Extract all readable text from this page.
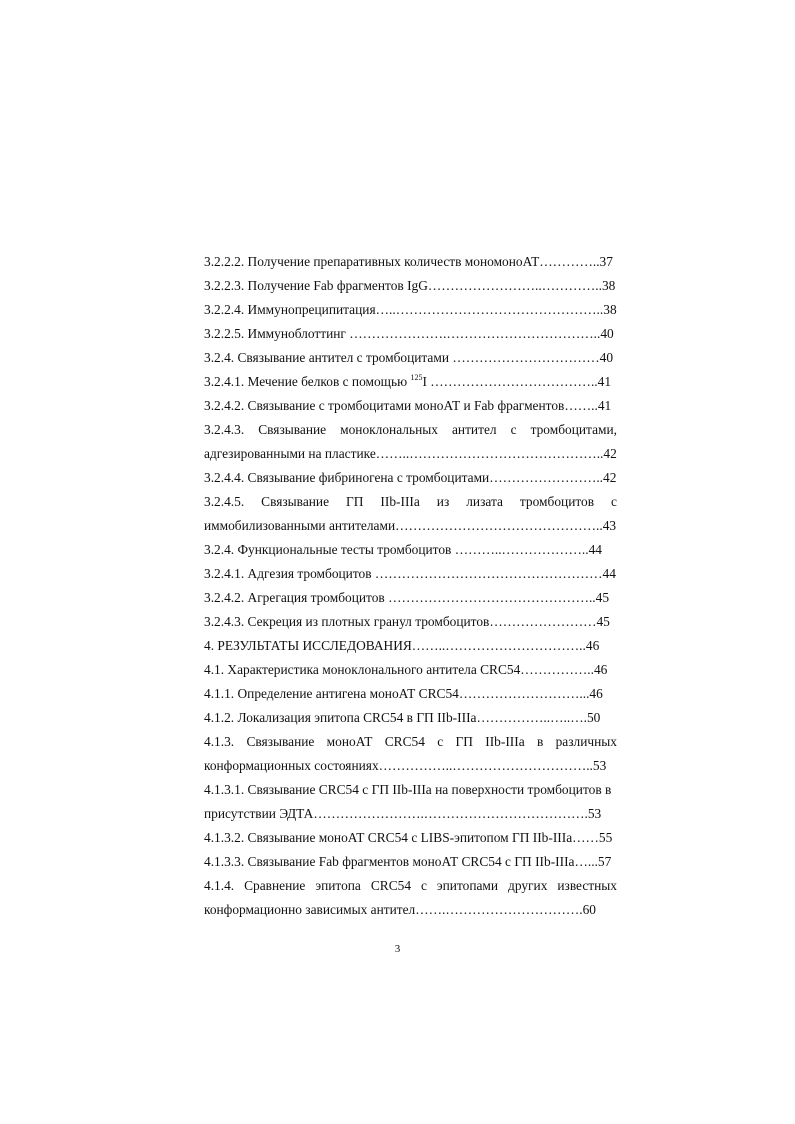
3.2.2.2. Получение препаративных количеств мономоноАТ…………..37
3.2.2.3. Получение Fab фрагментов IgG……………………..…………..38
3.2.2.4. Иммунопреципитация…..………………………………………..38
3.2.2.5. Иммуноблоттинг ………………….……………………………..40
3.2.4. Связывание антител с тромбоцитами ……………………………40
3.2.4.1. Мечение белков с помощью $^{125}$I ………………………………..41
3.2.4.2. Связывание с тромбоцитами моноАТ и Fab фрагментов……..41
3.2.4.3. Связывание моноклональных антител с тромбоцитами,
адгезированными на пластике……..……………………………………..42
3.2.4.4. Связывание фибриногена с тромбоцитами……………………..42
3.2.4.5. Связывание ГП IIb-IIIa из лизата тромбоцитов с
иммобилизованными антителами………………………………………..43
3.2.4. Функциональные тесты тромбоцитов ………..………………..44
3.2.4.1. Адгезия тромбоцитов ……………………………………………44
3.2.4.2. Агрегация тромбоцитов ………………………………………..45
3.2.4.3. Секреция из плотных гранул тромбоцитов……………………45
4. РЕЗУЛЬТАТЫ ИССЛЕДОВАНИЯ……..…………………………..46
4.1. Характеристика моноклонального антитела CRC54……………..46
4.1.1. Определение антигена моноАТ CRC54………………………...46
4.1.2. Локализация эпитопа CRC54 в ГП IIb-IIIa……………..…..….50
4.1.3. Связывание моноАТ CRC54 с ГП IIb-IIIa в различных
конформационных состояниях……………..…………………………..53
4.1.3.1. Связывание CRC54 с ГП IIb-IIIa на поверхности тромбоцитов в
присутствии ЭДТА…………………….……………………………….53
4.1.3.2. Связывание моноАТ CRC54 с LIBS-эпитопом ГП IIb-IIIa……55
4.1.3.3. Связывание Fab фрагментов моноАТ CRC54 с ГП IIb-IIIa…...57
4.1.4. Сравнение эпитопа CRC54 с эпитопами других известных
конформационно зависимых антител…….………………………….60
3
